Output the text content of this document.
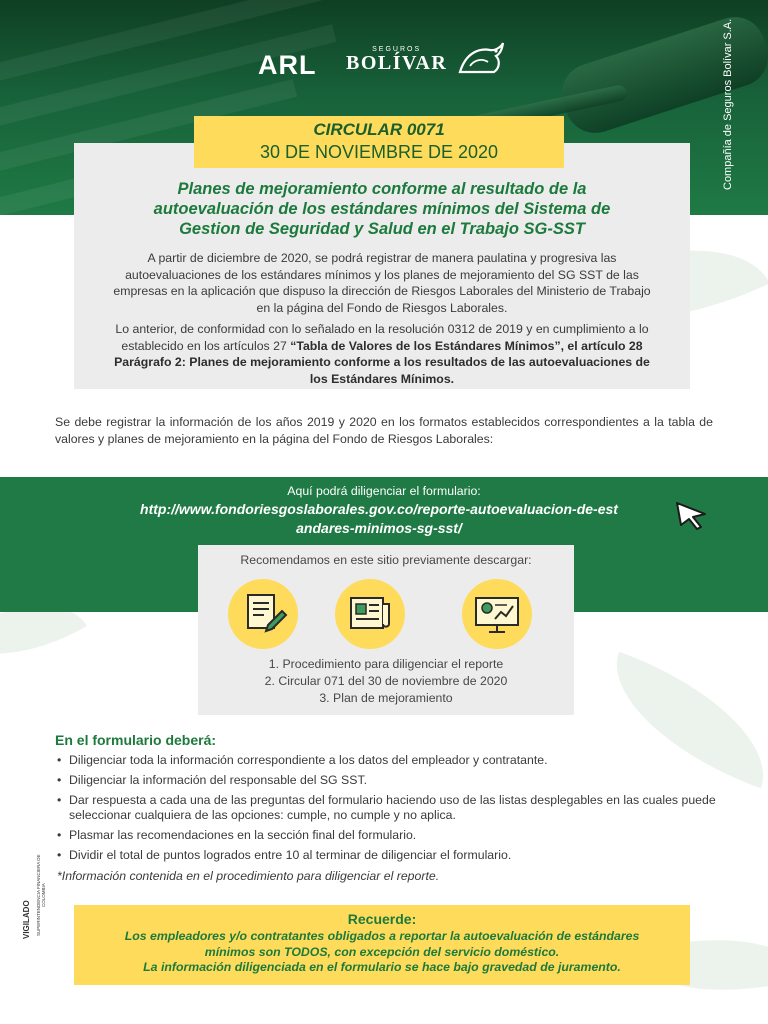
ARL
SEGUROS
BOLÍVAR	Compañía de Seguros Bolívar S.A.
CIRCULAR 0071
30 DE NOVIEMBRE DE 2020
Planes de mejoramiento conforme al resultado de la
autoevaluación de los estándares mínimos del Sistema de
Gestion de Seguridad y Salud en el Trabajo SG-SST
A partir de diciembre de 2020, se podrá registrar de manera paulatina y progresiva las autoevaluaciones de los estándares mínimos y los planes de mejoramiento del SG SST de las empresas en la aplicación que dispuso la dirección de Riesgos Laborales del Ministerio de Trabajo en la página del Fondo de Riesgos Laborales.
Lo anterior, de conformidad con lo señalado en la resolución 0312 de 2019 y en cumplimiento a lo establecido en los artículos 27 “Tabla de Valores de los Estándares Mínimos”, el artículo 28 Parágrafo 2: Planes de mejoramiento conforme a los resultados de las autoevaluaciones de los Estándares Mínimos.
Se debe registrar la información de los años 2019 y 2020 en los formatos establecidos correspondientes a la tabla de valores y planes de mejoramiento en la página del Fondo de Riesgos Laborales:
Aquí podrá diligenciar el formulario:
http://www.fondoriesgoslaborales.gov.co/reporte-autoevaluacion-de-est
andares-minimos-sg-sst/
Recomendamos en este sitio previamente descargar:
1. Procedimiento para diligenciar el reporte
2. Circular 071 del 30 de noviembre de 2020
3. Plan de mejoramiento
En el formulario deberá:
• Diligenciar toda la información correspondiente a los datos del empleador y contratante.
• Diligenciar la información del responsable del SG SST.
• Dar respuesta a cada una de las preguntas del formulario haciendo uso de las listas desplegables en las cuales puede seleccionar cualquiera de las opciones: cumple, no cumple y no aplica.
• Plasmar las recomendaciones en la sección final del formulario.
• Dividir el total de puntos logrados entre 10 al terminar de diligenciar el formulario.
*Información contenida en el procedimiento para diligenciar el reporte.
VIGILADO	SUPERINTENDENCIA FINANCIERA DE COLOMBIA
Recuerde:
Los empleadores y/o contratantes obligados a reportar la autoevaluación de estándares
mínimos son TODOS, con excepción del servicio doméstico.
La información diligenciada en el formulario se hace bajo gravedad de juramento.
